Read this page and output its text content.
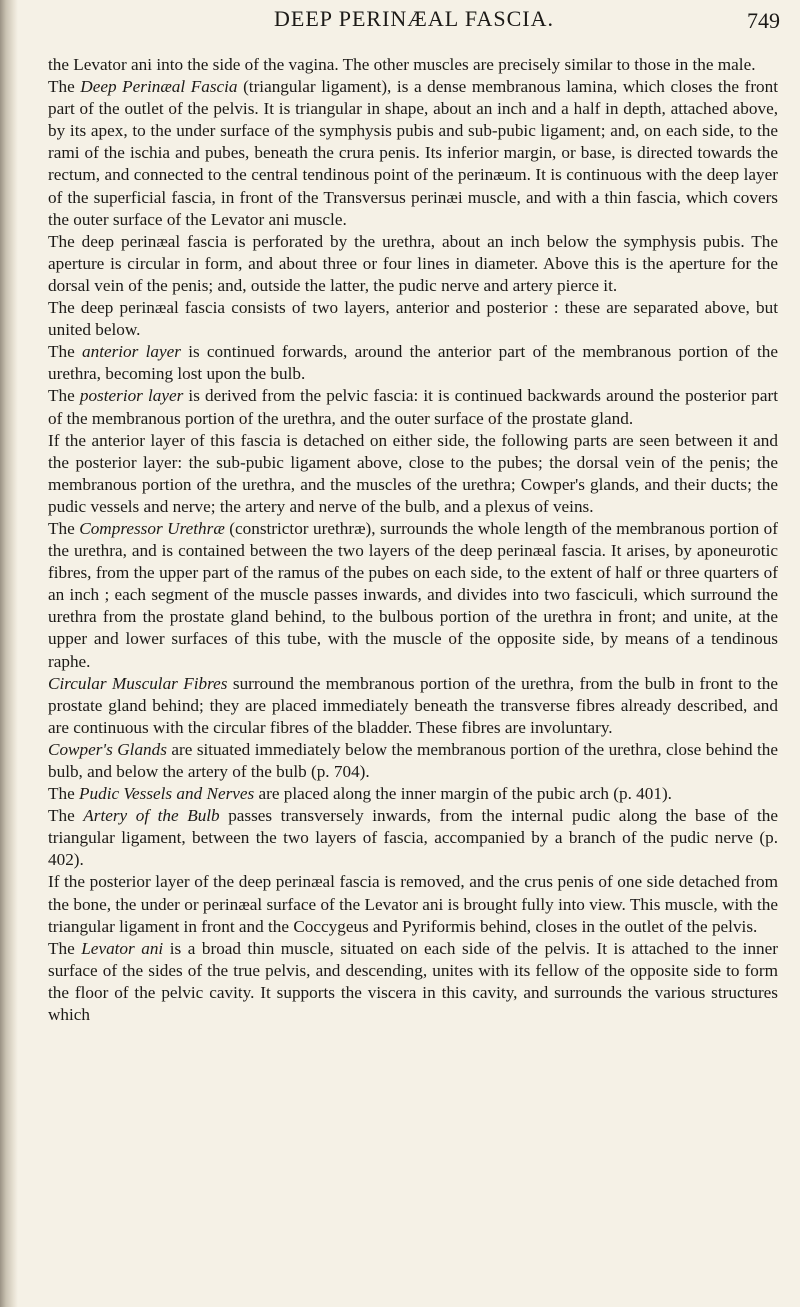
DEEP PERINÆAL FASCIA.	749

the Levator ani into the side of the vagina. The other muscles are precisely similar to those in the male.

The Deep Perinæal Fascia (triangular ligament), is a dense membranous lamina, which closes the front part of the outlet of the pelvis. It is triangular in shape, about an inch and a half in depth, attached above, by its apex, to the under surface of the symphysis pubis and sub-pubic ligament; and, on each side, to the rami of the ischia and pubes, beneath the crura penis. Its inferior margin, or base, is directed towards the rectum, and connected to the central tendinous point of the perinæum. It is continuous with the deep layer of the superficial fascia, in front of the Transversus perinæi muscle, and with a thin fascia, which covers the outer surface of the Levator ani muscle.

The deep perinæal fascia is perforated by the urethra, about an inch below the symphysis pubis. The aperture is circular in form, and about three or four lines in diameter. Above this is the aperture for the dorsal vein of the penis; and, outside the latter, the pudic nerve and artery pierce it.

The deep perinæal fascia consists of two layers, anterior and posterior : these are separated above, but united below.

The anterior layer is continued forwards, around the anterior part of the membranous portion of the urethra, becoming lost upon the bulb.

The posterior layer is derived from the pelvic fascia: it is continued backwards around the posterior part of the membranous portion of the urethra, and the outer surface of the prostate gland.

If the anterior layer of this fascia is detached on either side, the following parts are seen between it and the posterior layer: the sub-pubic ligament above, close to the pubes; the dorsal vein of the penis; the membranous portion of the urethra, and the muscles of the urethra; Cowper's glands, and their ducts; the pudic vessels and nerve; the artery and nerve of the bulb, and a plexus of veins.

The Compressor Urethræ (constrictor urethræ), surrounds the whole length of the membranous portion of the urethra, and is contained between the two layers of the deep perinæal fascia. It arises, by aponeurotic fibres, from the upper part of the ramus of the pubes on each side, to the extent of half or three quarters of an inch ; each segment of the muscle passes inwards, and divides into two fasciculi, which surround the urethra from the prostate gland behind, to the bulbous portion of the urethra in front; and unite, at the upper and lower surfaces of this tube, with the muscle of the opposite side, by means of a tendinous raphe.

Circular Muscular Fibres surround the membranous portion of the urethra, from the bulb in front to the prostate gland behind; they are placed immediately beneath the transverse fibres already described, and are continuous with the circular fibres of the bladder. These fibres are involuntary.

Cowper's Glands are situated immediately below the membranous portion of the urethra, close behind the bulb, and below the artery of the bulb (p. 704).

The Pudic Vessels and Nerves are placed along the inner margin of the pubic arch (p. 401).

The Artery of the Bulb passes transversely inwards, from the internal pudic along the base of the triangular ligament, between the two layers of fascia, accompanied by a branch of the pudic nerve (p. 402).

If the posterior layer of the deep perinæal fascia is removed, and the crus penis of one side detached from the bone, the under or perinæal surface of the Levator ani is brought fully into view. This muscle, with the triangular ligament in front and the Coccygeus and Pyriformis behind, closes in the outlet of the pelvis.

The Levator ani is a broad thin muscle, situated on each side of the pelvis. It is attached to the inner surface of the sides of the true pelvis, and descending, unites with its fellow of the opposite side to form the floor of the pelvic cavity. It supports the viscera in this cavity, and surrounds the various structures which
